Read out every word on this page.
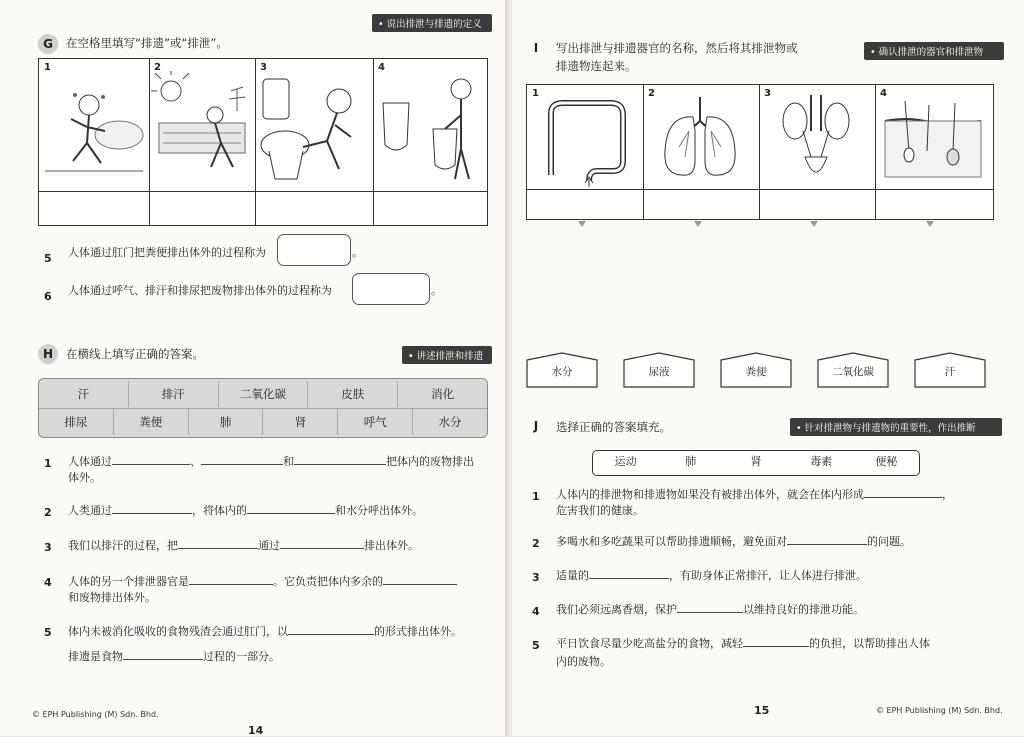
G	在空格里填写“排遗”或“排泄”。
• 说出排泄与排遗的定义
1	2	3	4
5 人体通过肛门把粪便排出体外的过程称为	。
6 人体通过呼气、排汗和排尿把废物排出体外的过程称为	。
H	在横线上填写正确的答案。	• 讲述排泄和排遗
汗	排汗	二氧化碳	皮肤	消化
排尿	粪便	肺	肾	呼气	水分
1 人体通过	、	和	把体内的废物排出
体外。
2 人类通过	，将体内的	和水分呼出体外。
3 我们以排汗的过程，把	通过	排出体外。
4 人体的另一个排泄器官是	。它负责把体内多余的
和废物排出体外。
5 体内未被消化吸收的食物残渣会通过肛门，以	的形式排出体外。
排遗是食物	过程的一部分。
© EPH Publishing (M) Sdn. Bhd.
14
I	写出排泄与排遗器官的名称，然后将其排泄物或
排遗物连起来。
• 确认排泄的器官和排泄物
1	2	3	4
水分	尿液	粪便	二氧化碳	汗
J	选择正确的答案填充。	• 针对排泄物与排遗物的重要性，作出推断
运动	肺	肾	毒素	便秘
1 人体内的排泄物和排遗物如果没有被排出体外，就会在体内形成	，
危害我们的健康。
2 多喝水和多吃蔬果可以帮助排遗顺畅，避免面对	的问题。
3 适量的	，有助身体正常排汗，让人体进行排泄。
4 我们必须远离香烟，保护	以维持良好的排泄功能。
5 平日饮食尽量少吃高盐分的食物，减轻	的负担，以帮助排出人体
内的废物。
15	© EPH Publishing (M) Sdn. Bhd.
